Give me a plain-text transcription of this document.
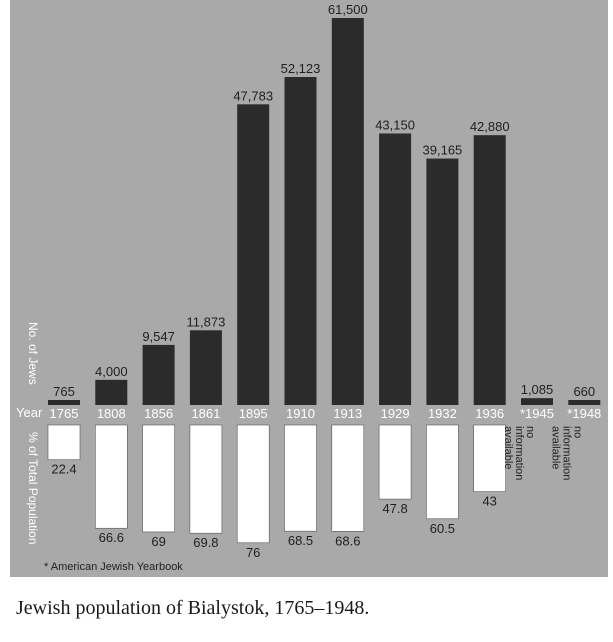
765
1765
22.4
4,000
1808
66.6
9,547
1856
69
11,873
1861
69.8
47,783
1895
76
52,123
1910
68.5
61,500
1913
68.6
43,150
1929
47.8
39,165
1932
60.5
42,880
1936
43
1,085
*1945
noinformationavailable
660
*1948
noinformationavailable
No. of Jews
% of Total Population
Year
* American Jewish Yearbook

Jewish population of Bialystok, 1765–1948.
